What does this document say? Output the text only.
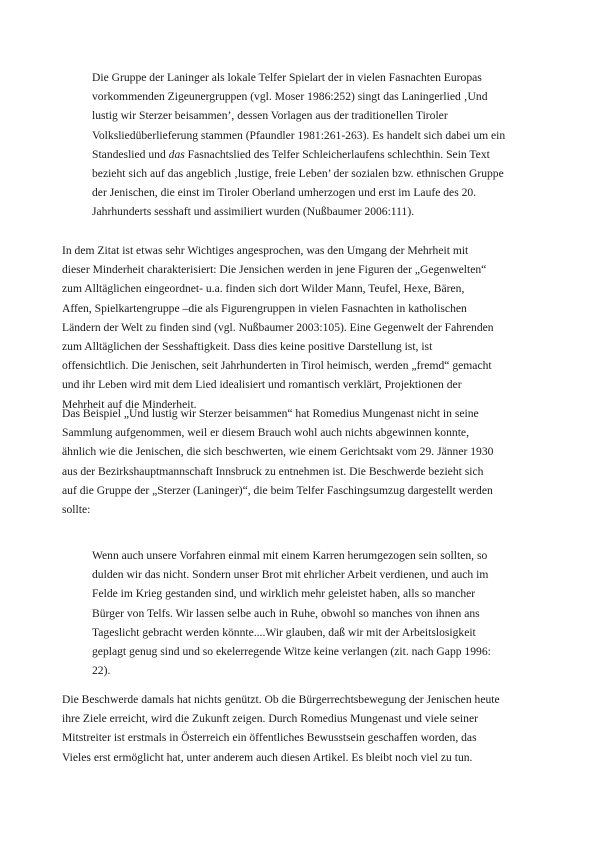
Die Gruppe der Laninger als lokale Telfer Spielart der in vielen Fasnachten Europas
vorkommenden Zigeunergruppen (vgl. Moser 1986:252) singt das Laningerlied ‚Und
lustig wir Sterzer beisammen’, dessen Vorlagen aus der traditionellen Tiroler
Volksliedüberlieferung stammen (Pfaundler 1981:261-263). Es handelt sich dabei um ein
Standeslied und das Fasnachtslied des Telfer Schleicherlaufens schlechthin. Sein Text
bezieht sich auf das angeblich ‚lustige, freie Leben’ der sozialen bzw. ethnischen Gruppe
der Jenischen, die einst im Tiroler Oberland umherzogen und erst im Laufe des 20.
Jahrhunderts sesshaft und assimiliert wurden (Nußbaumer 2006:111).
In dem Zitat ist etwas sehr Wichtiges angesprochen, was den Umgang der Mehrheit mit
dieser Minderheit charakterisiert: Die Jensichen werden in jene Figuren der „Gegenwelten“
zum Alltäglichen eingeordnet- u.a. finden sich dort Wilder Mann, Teufel, Hexe, Bären,
Affen, Spielkartengruppe –die als Figurengruppen in vielen Fasnachten in katholischen
Ländern der Welt zu finden sind (vgl. Nußbaumer 2003:105). Eine Gegenwelt der Fahrenden
zum Alltäglichen der Sesshaftigkeit. Dass dies keine positive Darstellung ist, ist
offensichtlich. Die Jenischen, seit Jahrhunderten in Tirol heimisch, werden „fremd“ gemacht
und ihr Leben wird mit dem Lied idealisiert und romantisch verklärt, Projektionen der
Mehrheit auf die Minderheit.
Das Beispiel „Und lustig wir Sterzer beisammen“ hat Romedius Mungenast nicht in seine
Sammlung aufgenommen, weil er diesem Brauch wohl auch nichts abgewinnen konnte,
ähnlich wie die Jenischen, die sich beschwerten, wie einem Gerichtsakt vom 29. Jänner 1930
aus der Bezirkshauptmannschaft Innsbruck zu entnehmen ist. Die Beschwerde bezieht sich
auf die Gruppe der „Sterzer (Laninger)“, die beim Telfer Faschingsumzug dargestellt werden
sollte:
Wenn auch unsere Vorfahren einmal mit einem Karren herumgezogen sein sollten, so
dulden wir das nicht. Sondern unser Brot mit ehrlicher Arbeit verdienen, und auch im
Felde im Krieg gestanden sind, und wirklich mehr geleistet haben, alls so mancher
Bürger von Telfs. Wir lassen selbe auch in Ruhe, obwohl so manches von ihnen ans
Tageslicht gebracht werden könnte....Wir glauben, daß wir mit der Arbeitslosigkeit
geplagt genug sind und so ekelerregende Witze keine verlangen (zit. nach Gapp 1996:
22).
Die Beschwerde damals hat nichts genützt. Ob die Bürgerrechtsbewegung der Jenischen heute
ihre Ziele erreicht, wird die Zukunft zeigen. Durch Romedius Mungenast und viele seiner
Mitstreiter ist erstmals in Österreich ein öffentliches Bewusstsein geschaffen worden, das
Vieles erst ermöglicht hat, unter anderem auch diesen Artikel. Es bleibt noch viel zu tun.
